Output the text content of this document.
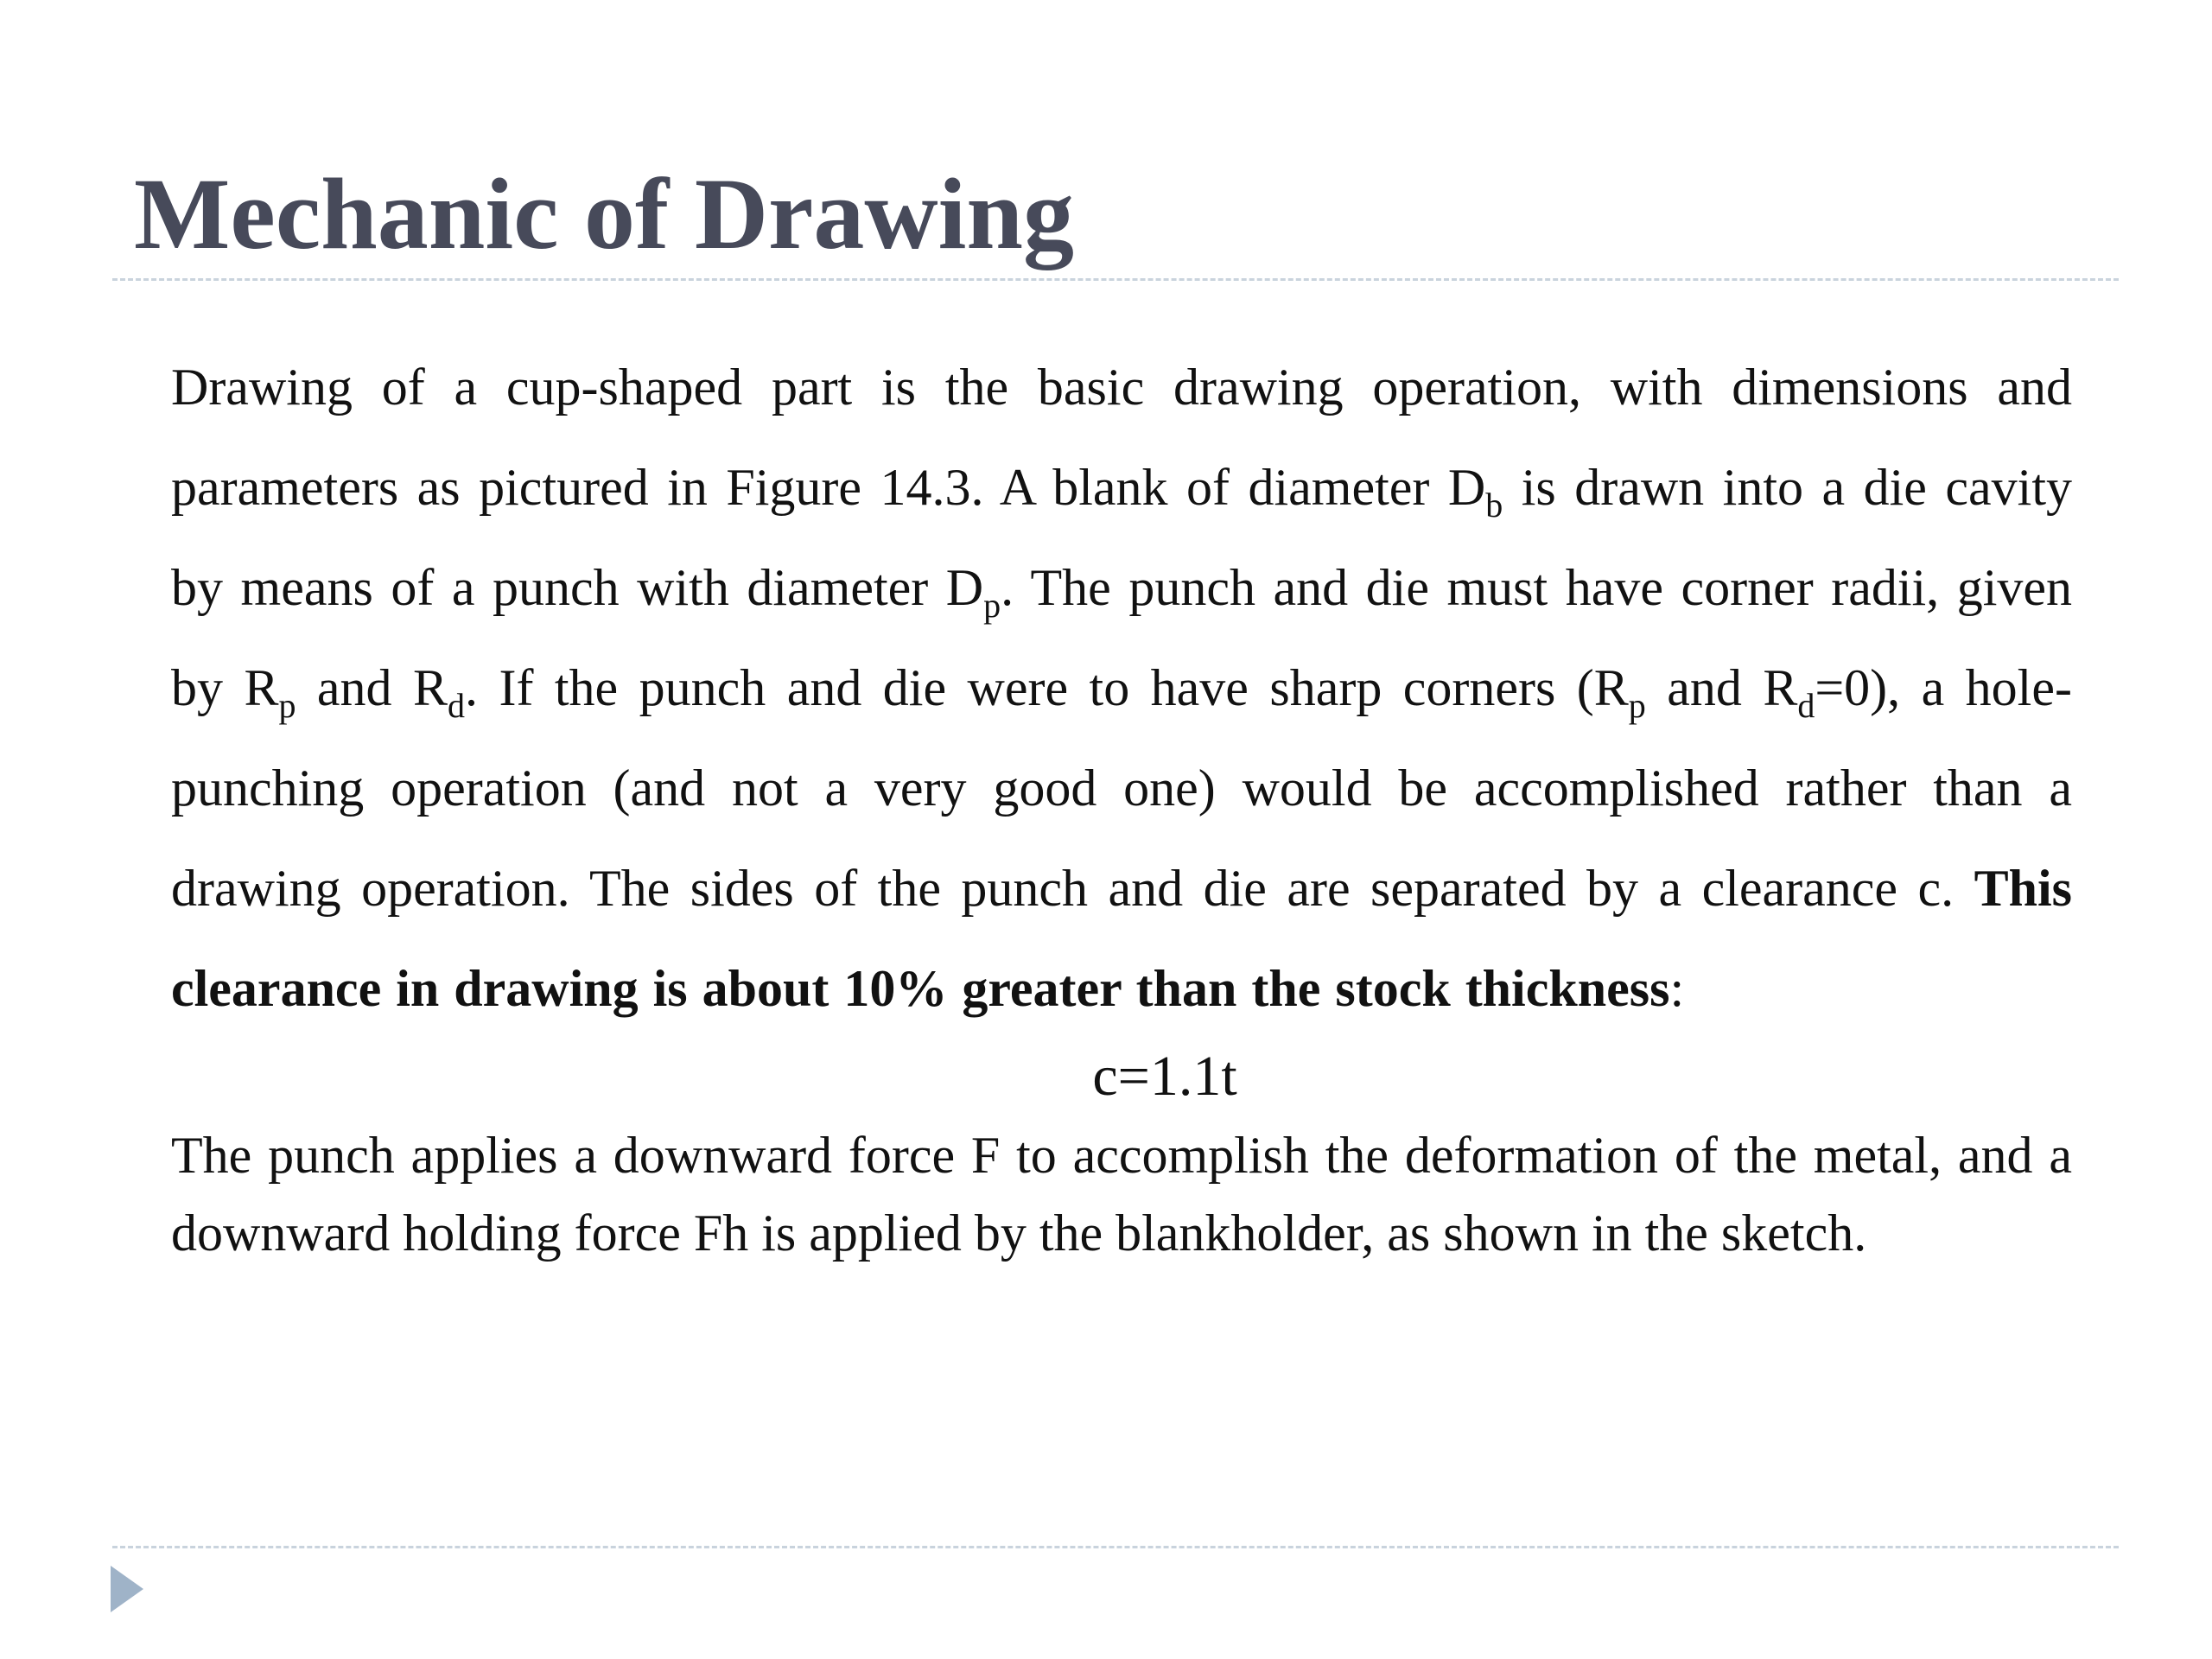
Mechanic of Drawing

Drawing of a cup-shaped part is the basic drawing operation, with dimensions and parameters as pictured in Figure 14.3. A blank of diameter $D_b$ is drawn into a die cavity by means of a punch with diameter $D_p$. The punch and die must have corner radii, given by $R_p$ and $R_d$. If the punch and die were to have sharp corners ($R_p$ and $R_d=0$), a hole-punching operation (and not a very good one) would be accomplished rather than a drawing operation. The sides of the punch and die are separated by a clearance c. This clearance in drawing is about 10% greater than the stock thickness:

c=1.1t

The punch applies a downward force F to accomplish the deformation of the metal, and a downward holding force Fh is applied by the blankholder, as shown in the sketch.
